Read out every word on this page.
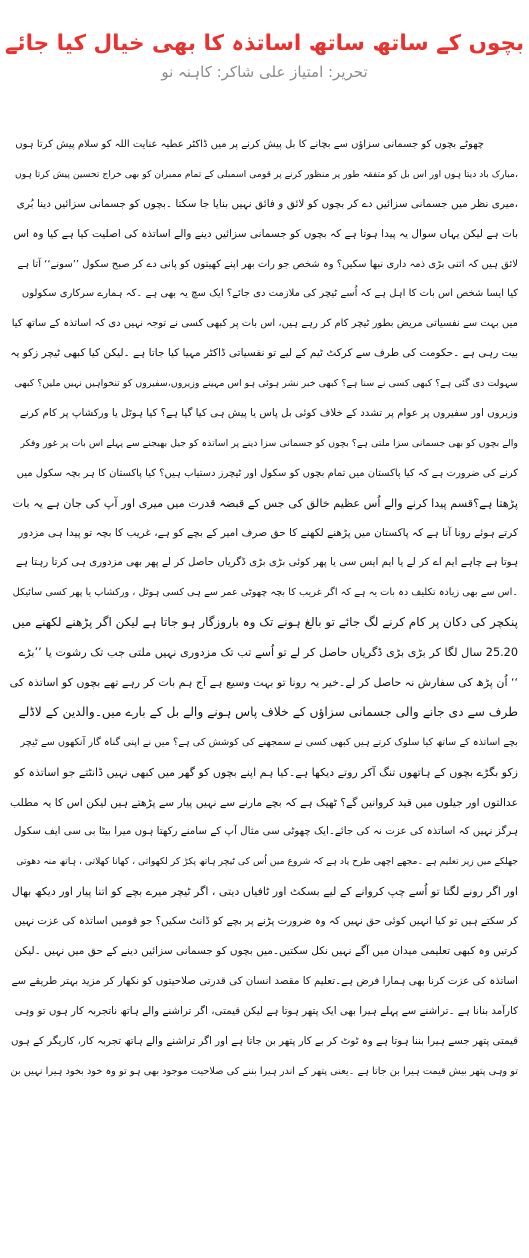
بچوں کے ساتھ ساتھ اساتذہ کا بھی خیال کیا جائے
تحریر: امتیاز علی شاکر: کاہنہ نو
چھوٹے بچوں کو جسمانی سزاؤں سے بچانے کا بل پیش کرنے پر میں ڈاکٹر عطیہ عنایت اللہ کو سلام پیش کرتا ہوں
،مبارک باد دیتا ہوں اور اس بل کو متفقہ طور پر منظور کرنے پر قومی اسمبلی کے تمام ممبران کو بھی خراج تحسین پیش کرتا ہوں
،میری نظر میں جسمانی سزائیں دے کر بچوں کو لائق و فائق نہیں بنایا جا سکتا ۔بچوں کو جسمانی سزائیں دینا بُری
بات ہے لیکن یہاں سوال یہ پیدا ہوتا ہے کہ بچوں کو جسمانی سزائیں دینے والے اساتذہ کی اصلیت کیا ہے کیا وہ اس
لائق ہیں کہ اتنی بڑی ذمہ داری نبھا سکیں؟ وہ شخص جو رات بھر اپنے کھیتوں کو پانی دے کر صبح سکول ’’سونے‘‘ آتا ہے
کیا ایسا شخص اس بات کا اہل ہے کہ اُسے ٹیچر کی ملازمت دی جائے؟ ایک سچ یہ بھی ہے ۔کہ ہمارے سرکاری سکولوں
میں بہت سے نفسیاتی مریض بطور ٹیچر کام کر رہے ہیں، اس بات پر کبھی کسی نے توجہ نہیں دی کہ اساتذہ کے ساتھ کیا
بیت رہی ہے ۔حکومت کی طرف سے کرکٹ ٹیم کے لیے تو نفسیاتی ڈاکٹر مہیا کیا جاتا ہے ۔لیکن کیا کبھی ٹیچر زکو یہ
سہولت دی گئی ہے؟ کبھی کسی نے سنا ہے؟ کبھی خبر نشر ہوئی ہو اس مہینے وزیروں،سفیروں کو تنخواہیں نہیں ملیں؟ کبھی
وزیروں اور سفیروں پر عوام پر تشدد کے خلاف کوئی بل پاس یا پیش ہی کیا گیا ہے؟ کیا ہوٹل یا ورکشاپ پر کام کرنے
والے بچوں کو بھی جسمانی سزا ملتی ہے؟ بچوں کو جسمانی سزا دینے پر اساتذہ کو جیل بھیجنے سے پہلے اس بات پر غور وفکر
کرنے کی ضرورت ہے کہ کیا پاکستان میں تمام بچوں کو سکول اور ٹیچرز دستیاب ہیں؟ کیا پاکستان کا ہر بچہ سکول میں
پڑھتا ہے؟قسم پیدا کرنے والے اُس عظیم خالق کی جس کے قبضہ قدرت میں میری اور آپ کی جان ہے یہ بات
کرتے ہوئے رونا آتا ہے کہ پاکستان میں پڑھنے لکھنے کا حق صرف امیر کے بچے کو ہے، غریب کا بچہ تو پیدا ہی مزدور
ہوتا ہے چاہے ایم اے کر لے یا ایم ایس سی یا پھر کوئی بڑی بڑی ڈگریاں حاصل کر لے پھر بھی مزدوری ہی کرتا رہتا ہے
۔اس سے بھی زیادہ تکلیف دہ بات یہ ہے کہ اگر غریب کا بچہ چھوٹی عمر سے ہی کسی ہوٹل ، ورکشاپ یا پھر کسی سائیکل
پنکچر کی دکان پر کام کرنے لگ جائے تو بالغ ہونے تک وہ باروزگار ہو جاتا ہے لیکن اگر پڑھنے لکھنے میں
25.20 سال لگا کر بڑی بڑی ڈگریاں حاصل کر لے تو اُسے تب تک مزدوری نہیں ملتی جب تک رشوت یا ’’بڑے
‘‘ اُن پڑھ کی سفارش نہ حاصل کر لے۔خیر یہ رونا تو بہت وسیع ہے آج ہم بات کر رہے تھے بچوں کو اساتذہ کی
طرف سے دی جانے والی جسمانی سزاؤں کے خلاف پاس ہونے والے بل کے بارے میں۔والدین کے لاڈلے
بچے اساتذہ کے ساتھ کیا سلوک کرتے ہیں کبھی کسی نے سمجھنے کی کوشش کی ہے؟ میں نے اپنی گناہ گار آنکھوں سے ٹیچر
زکو بگڑے بچوں کے ہاتھوں تنگ آکر روتے دیکھا ہے۔کیا ہم اپنے بچوں کو گھر میں کبھی نہیں ڈانٹتے جو اساتذہ کو
عدالتوں اور جیلوں میں قید کروانیں گے؟ ٹھیک ہے کہ بچے مارنے سے نہیں پیار سے پڑھتے ہیں لیکن اس کا یہ مطلب
ہرگز نہیں کہ اساتذہ کی عزت نہ کی جائے۔ایک چھوٹی سی مثال آپ کے سامنے رکھتا ہوں میرا بیٹا بی سی ایف سکول
جھلکے میں زیر تعلیم ہے ۔مجھے اچھی طرح یاد ہے کہ شروع میں اُس کی ٹیچر ہاتھ پکڑ کر لکھواتی ، کھانا کھلاتی ، ہاتھ منہ دھوتی
اور اگر رونے لگتا تو اُسے چپ کروانے کے لیے بسکٹ اور ٹافیاں دیتی ، اگر ٹیچر میرے بچے کو اتنا پیار اور دیکھ بھال
کر سکتے ہیں تو کیا انہیں کوئی حق نہیں کہ وہ ضرورت پڑنے پر بچے کو ڈانٹ سکیں؟ جو قومیں اساتذہ کی عزت نہیں
کرتیں وہ کبھی تعلیمی میدان میں آگے نہیں نکل سکتیں۔میں بچوں کو جسمانی سزائیں دینے کے حق میں نہیں ۔لیکن
اساتذہ کی عزت کرنا بھی ہمارا فرض ہے۔تعلیم کا مقصد انسان کی قدرتی صلاحیتوں کو نکھار کر مزید بہتر طریقے سے
کارآمد بنانا ہے ۔تراشنے سے پہلے ہیرا بھی ایک پتھر ہوتا ہے لیکن قیمتی، اگر تراشنے والے ہاتھ ناتجربہ کار ہوں تو وہی
قیمتی پتھر جسے ہیرا بننا ہوتا ہے وہ ٹوٹ کر بے کار پتھر بن جاتا ہے اور اگر تراشنے والے ہاتھ تجربہ کار، کاریگر کے ہوں
تو وہی پتھر بیش قیمت ہیرا بن جاتا ہے ۔یعنی پتھر کے اندر ہیرا بننے کی صلاحیت موجود بھی ہو تو وہ خود بخود ہیرا نہیں بن
